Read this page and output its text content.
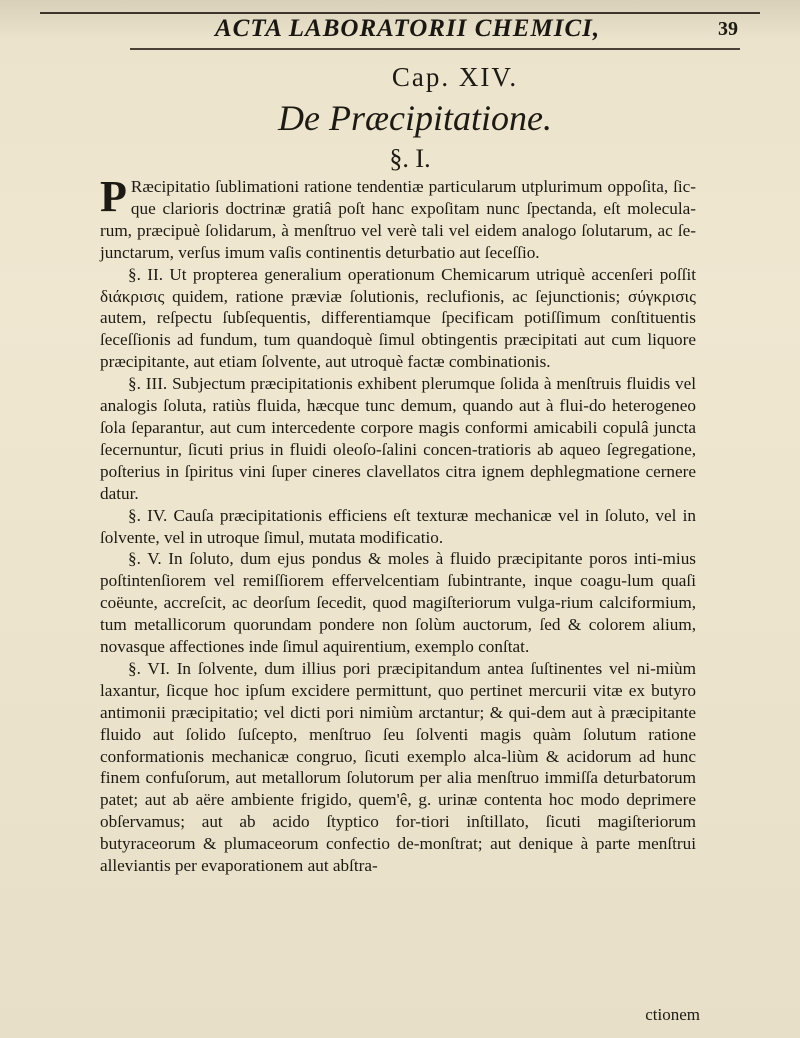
ACTA LABORATORII CHEMICI,	39
Cap. XIV.
De Præcipitatione.
§. I.

P Ræcipitatio ſublimationi ratione tendentiæ particularum utplurimum oppoſita, ſic-que clarioris doctrinæ gratiâ poſt hanc expoſitam nunc ſpectanda, eſt molecula-rum, præcipuè ſolidarum, à menſtruo vel verè tali vel eidem analogo ſolutarum, ac ſe-junctarum, verſus imum vaſis continentis deturbatio aut ſeceſſio.

§. II. Ut propterea generalium operationum Chemicarum utriquè accenſeri poſſit διάκρισις quidem, ratione præviæ ſolutionis, reclufionis, ac ſejunctionis; σύγκρισις autem, reſpectu ſubſequentis, differentiamque ſpecificam potiſſimum conſtituentis ſeceſſionis ad fundum, tum quandoquè ſimul obtingentis præcipitati aut cum liquore præcipitante, aut etiam ſolvente, aut utroquè factæ combinationis.

§. III. Subjectum præcipitationis exhibent plerumque ſolida à menſtruis fluidis vel analogis ſoluta, ratiùs fluida, hæcque tunc demum, quando aut à flui-do heterogeneo ſola ſeparantur, aut cum intercedente corpore magis conformi amicabili copulâ juncta ſecernuntur, ſicuti prius in fluidi oleoſo-ſalini concen-tratioris ab aqueo ſegregatione, poſterius in ſpiritus vini ſuper cineres clavellatos citra ignem dephlegmatione cernere datur.

§. IV. Cauſa præcipitationis efficiens eſt texturæ mechanicæ vel in ſoluto, vel in ſolvente, vel in utroque ſimul, mutata modificatio.

§. V. In ſoluto, dum ejus pondus & moles à fluido præcipitante poros inti-mius poſtintenſiorem vel remiſſiorem effervelcentiam ſubintrante, inque coagu-lum quaſi coëunte, accreſcit, ac deorſum ſecedit, quod magiſteriorum vulga-rium calciformium, tum metallicorum quorundam pondere non ſolùm auctorum, ſed & colorem alium, novasque affectiones inde ſimul aquirentium, exemplo conſtat.

§. VI. In ſolvente, dum illius pori præcipitandum antea ſuſtinentes vel ni-miùm laxantur, ſicque hoc ipſum excidere permittunt, quo pertinet mercurii vitæ ex butyro antimonii præcipitatio; vel dicti pori nimiùm arctantur; & qui-dem aut à præcipitante fluido aut ſolido ſuſcepto, menſtruo ſeu ſolventi magis quàm ſolutum ratione conformationis mechanicæ congruo, ſicuti exemplo alca-liùm & acidorum ad hunc finem confuſorum, aut metallorum ſolutorum per alia menſtruo immiſſa deturbatorum patet; aut ab aëre ambiente frigido, quem'ê, g. urinæ contenta hoc modo deprimere obſervamus; aut ab acido ſtyptico for-tiori inſtillato, ſicuti magiſteriorum butyraceorum & plumaceorum confectio de-monſtrat; aut denique à parte menſtrui alleviantis per evaporationem aut abſtra-

ctionem
